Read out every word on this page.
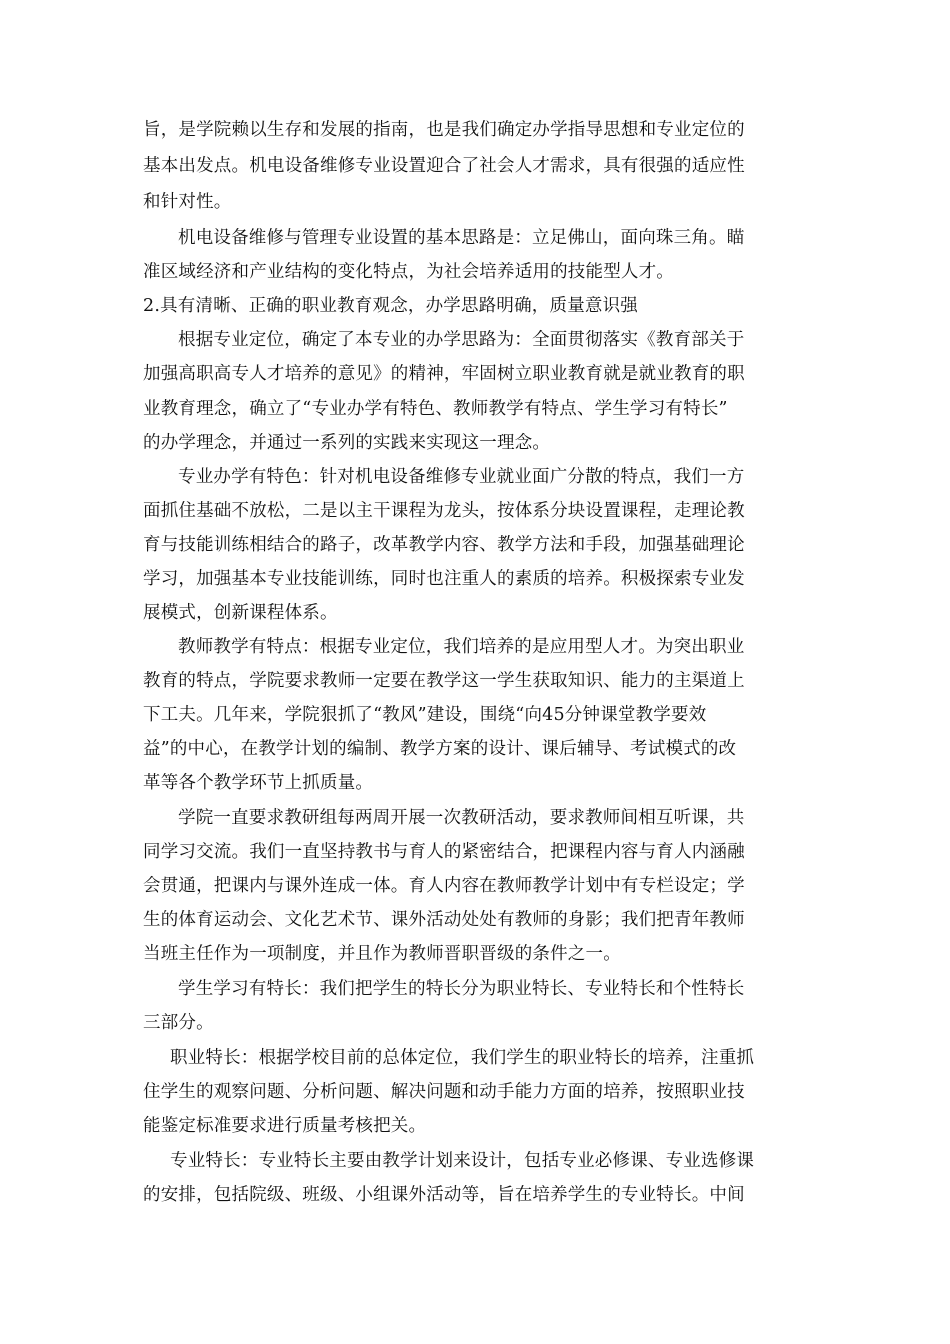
旨，是学院赖以生存和发展的指南，也是我们确定办学指导思想和专业定位的
基本出发点。机电设备维修专业设置迎合了社会人才需求，具有很强的适应性
和针对性。
机电设备维修与管理专业设置的基本思路是：立足佛山，面向珠三角。瞄
准区域经济和产业结构的变化特点，为社会培养适用的技能型人才。
2.具有清晰、正确的职业教育观念，办学思路明确，质量意识强
根据专业定位，确定了本专业的办学思路为：全面贯彻落实《教育部关于
加强高职高专人才培养的意见》的精神，牢固树立职业教育就是就业教育的职
业教育理念，确立了“专业办学有特色、教师教学有特点、学生学习有特长”
的办学理念，并通过一系列的实践来实现这一理念。
专业办学有特色：针对机电设备维修专业就业面广分散的特点，我们一方
面抓住基础不放松，二是以主干课程为龙头，按体系分块设置课程，走理论教
育与技能训练相结合的路子，改革教学内容、教学方法和手段，加强基础理论
学习，加强基本专业技能训练，同时也注重人的素质的培养。积极探索专业发
展模式，创新课程体系。
教师教学有特点：根据专业定位，我们培养的是应用型人才。为突出职业
教育的特点，学院要求教师一定要在教学这一学生获取知识、能力的主渠道上
下工夫。几年来，学院狠抓了“教风”建设，围绕“向45分钟课堂教学要效
益”的中心，在教学计划的编制、教学方案的设计、课后辅导、考试模式的改
革等各个教学环节上抓质量。
学院一直要求教研组每两周开展一次教研活动，要求教师间相互听课，共
同学习交流。我们一直坚持教书与育人的紧密结合，把课程内容与育人内涵融
会贯通，把课内与课外连成一体。育人内容在教师教学计划中有专栏设定；学
生的体育运动会、文化艺术节、课外活动处处有教师的身影；我们把青年教师
当班主任作为一项制度，并且作为教师晋职晋级的条件之一。
学生学习有特长：我们把学生的特长分为职业特长、专业特长和个性特长
三部分。
职业特长：根据学校目前的总体定位，我们学生的职业特长的培养，注重抓
住学生的观察问题、分析问题、解决问题和动手能力方面的培养，按照职业技
能鉴定标准要求进行质量考核把关。
专业特长：专业特长主要由教学计划来设计，包括专业必修课、专业选修课
的安排，包括院级、班级、小组课外活动等，旨在培养学生的专业特长。中间
